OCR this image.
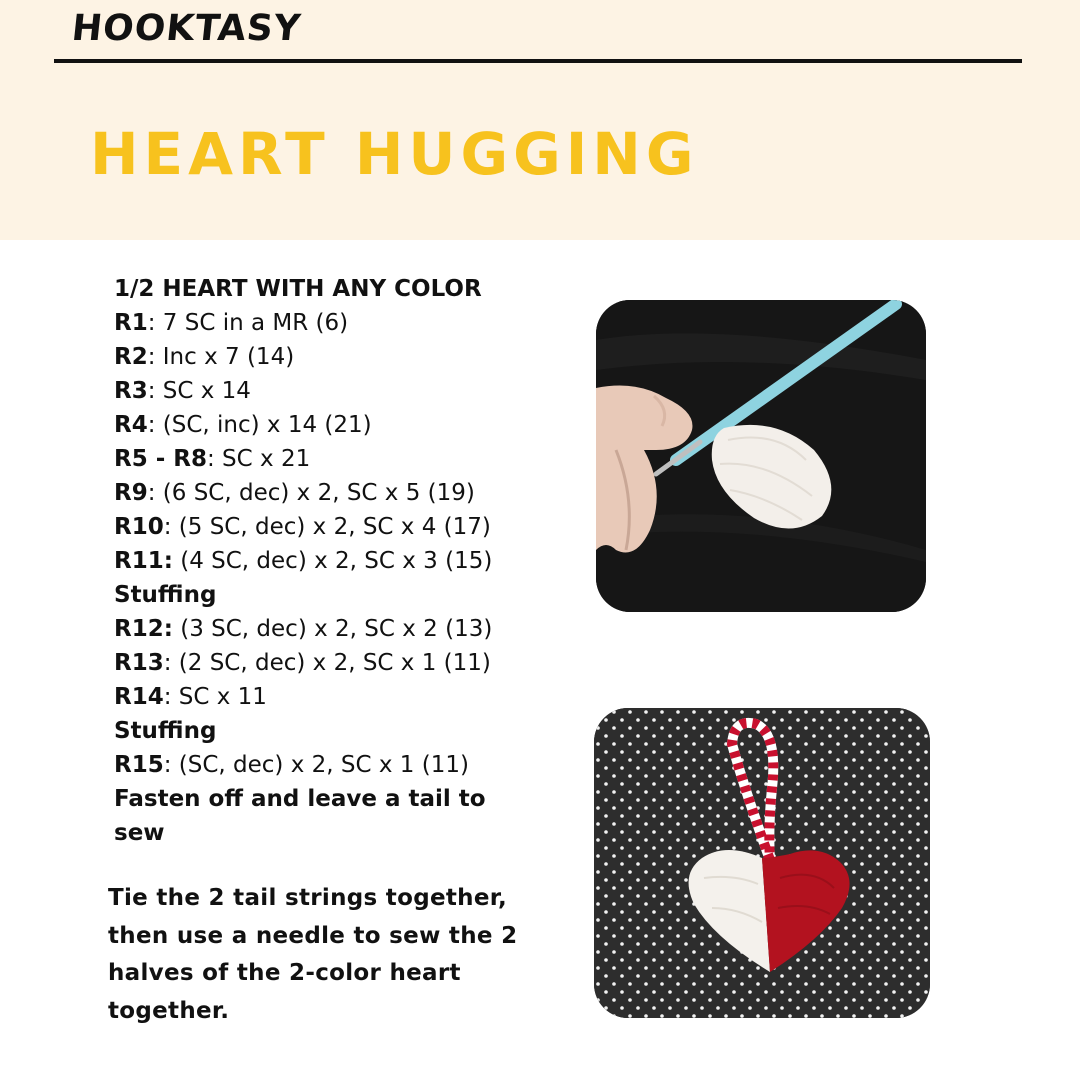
HOOKTASY
HEART HUGGING
1/2 HEART WITH ANY COLOR
R1: 7 SC in a MR (6)
R2: Inc x 7 (14)
R3: SC x 14
R4: (SC, inc) x 14 (21)
R5 - R8: SC x 21
R9: (6 SC, dec) x 2, SC x 5 (19)
R10: (5 SC, dec) x 2, SC x 4 (17)
R11: (4 SC, dec) x 2, SC x 3 (15)
Stuffing
R12: (3 SC, dec) x 2, SC x 2 (13)
R13: (2 SC, dec) x 2, SC x 1 (11)
R14: SC x 11
Stuffing
R15: (SC, dec) x 2, SC x 1 (11)
Fasten off and leave a tail to sew
Tie the 2 tail strings together, then use a needle to sew the 2 halves of the 2-color heart together.
